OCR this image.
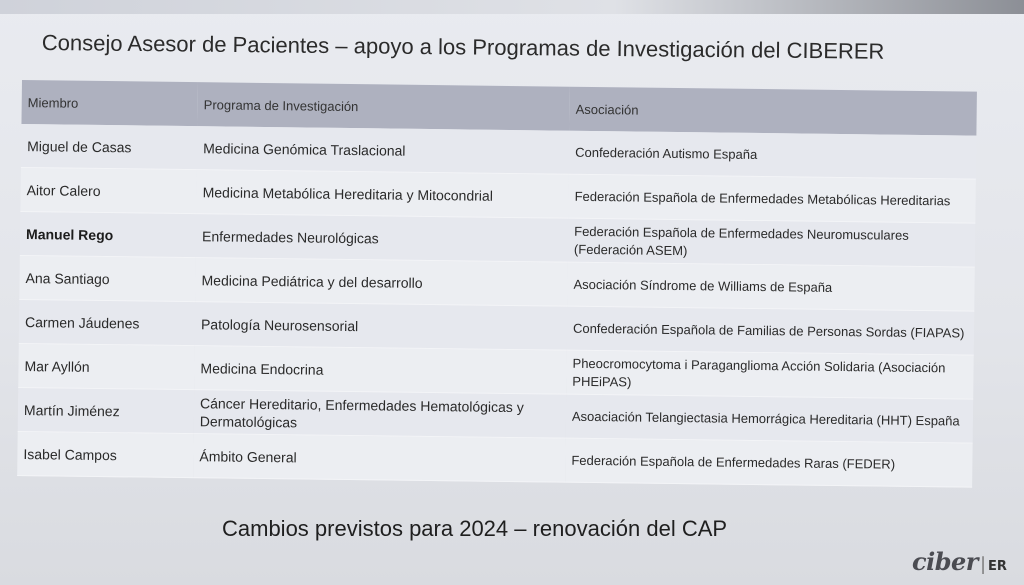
Consejo Asesor de Pacientes – apoyo a los Programas de Investigación del CIBERER
Miembro	Programa de Investigación	Asociación
Miguel de Casas	Medicina Genómica Traslacional	Confederación Autismo España
Aitor Calero	Medicina Metabólica Hereditaria y Mitocondrial	Federación Española de Enfermedades Metabólicas Hereditarias
Manuel Rego	Enfermedades Neurológicas	Federación Española de Enfermedades Neuromusculares (Federación ASEM)
Ana Santiago	Medicina Pediátrica y del desarrollo	Asociación Síndrome de Williams de España
Carmen Jáudenes	Patología Neurosensorial	Confederación Española de Familias de Personas Sordas (FIAPAS)
Mar Ayllón	Medicina Endocrina	Pheocromocytoma i Paraganglioma Acción Solidaria (Asociación PHEiPAS)
Martín Jiménez	Cáncer Hereditario, Enfermedades Hematológicas y Dermatológicas	Asoaciación Telangiectasia Hemorrágica Hereditaria (HHT) España
Isabel Campos	Ámbito General	Federación Española de Enfermedades Raras (FEDER)
Cambios previstos para 2024 – renovación del CAP
ciber | ER
